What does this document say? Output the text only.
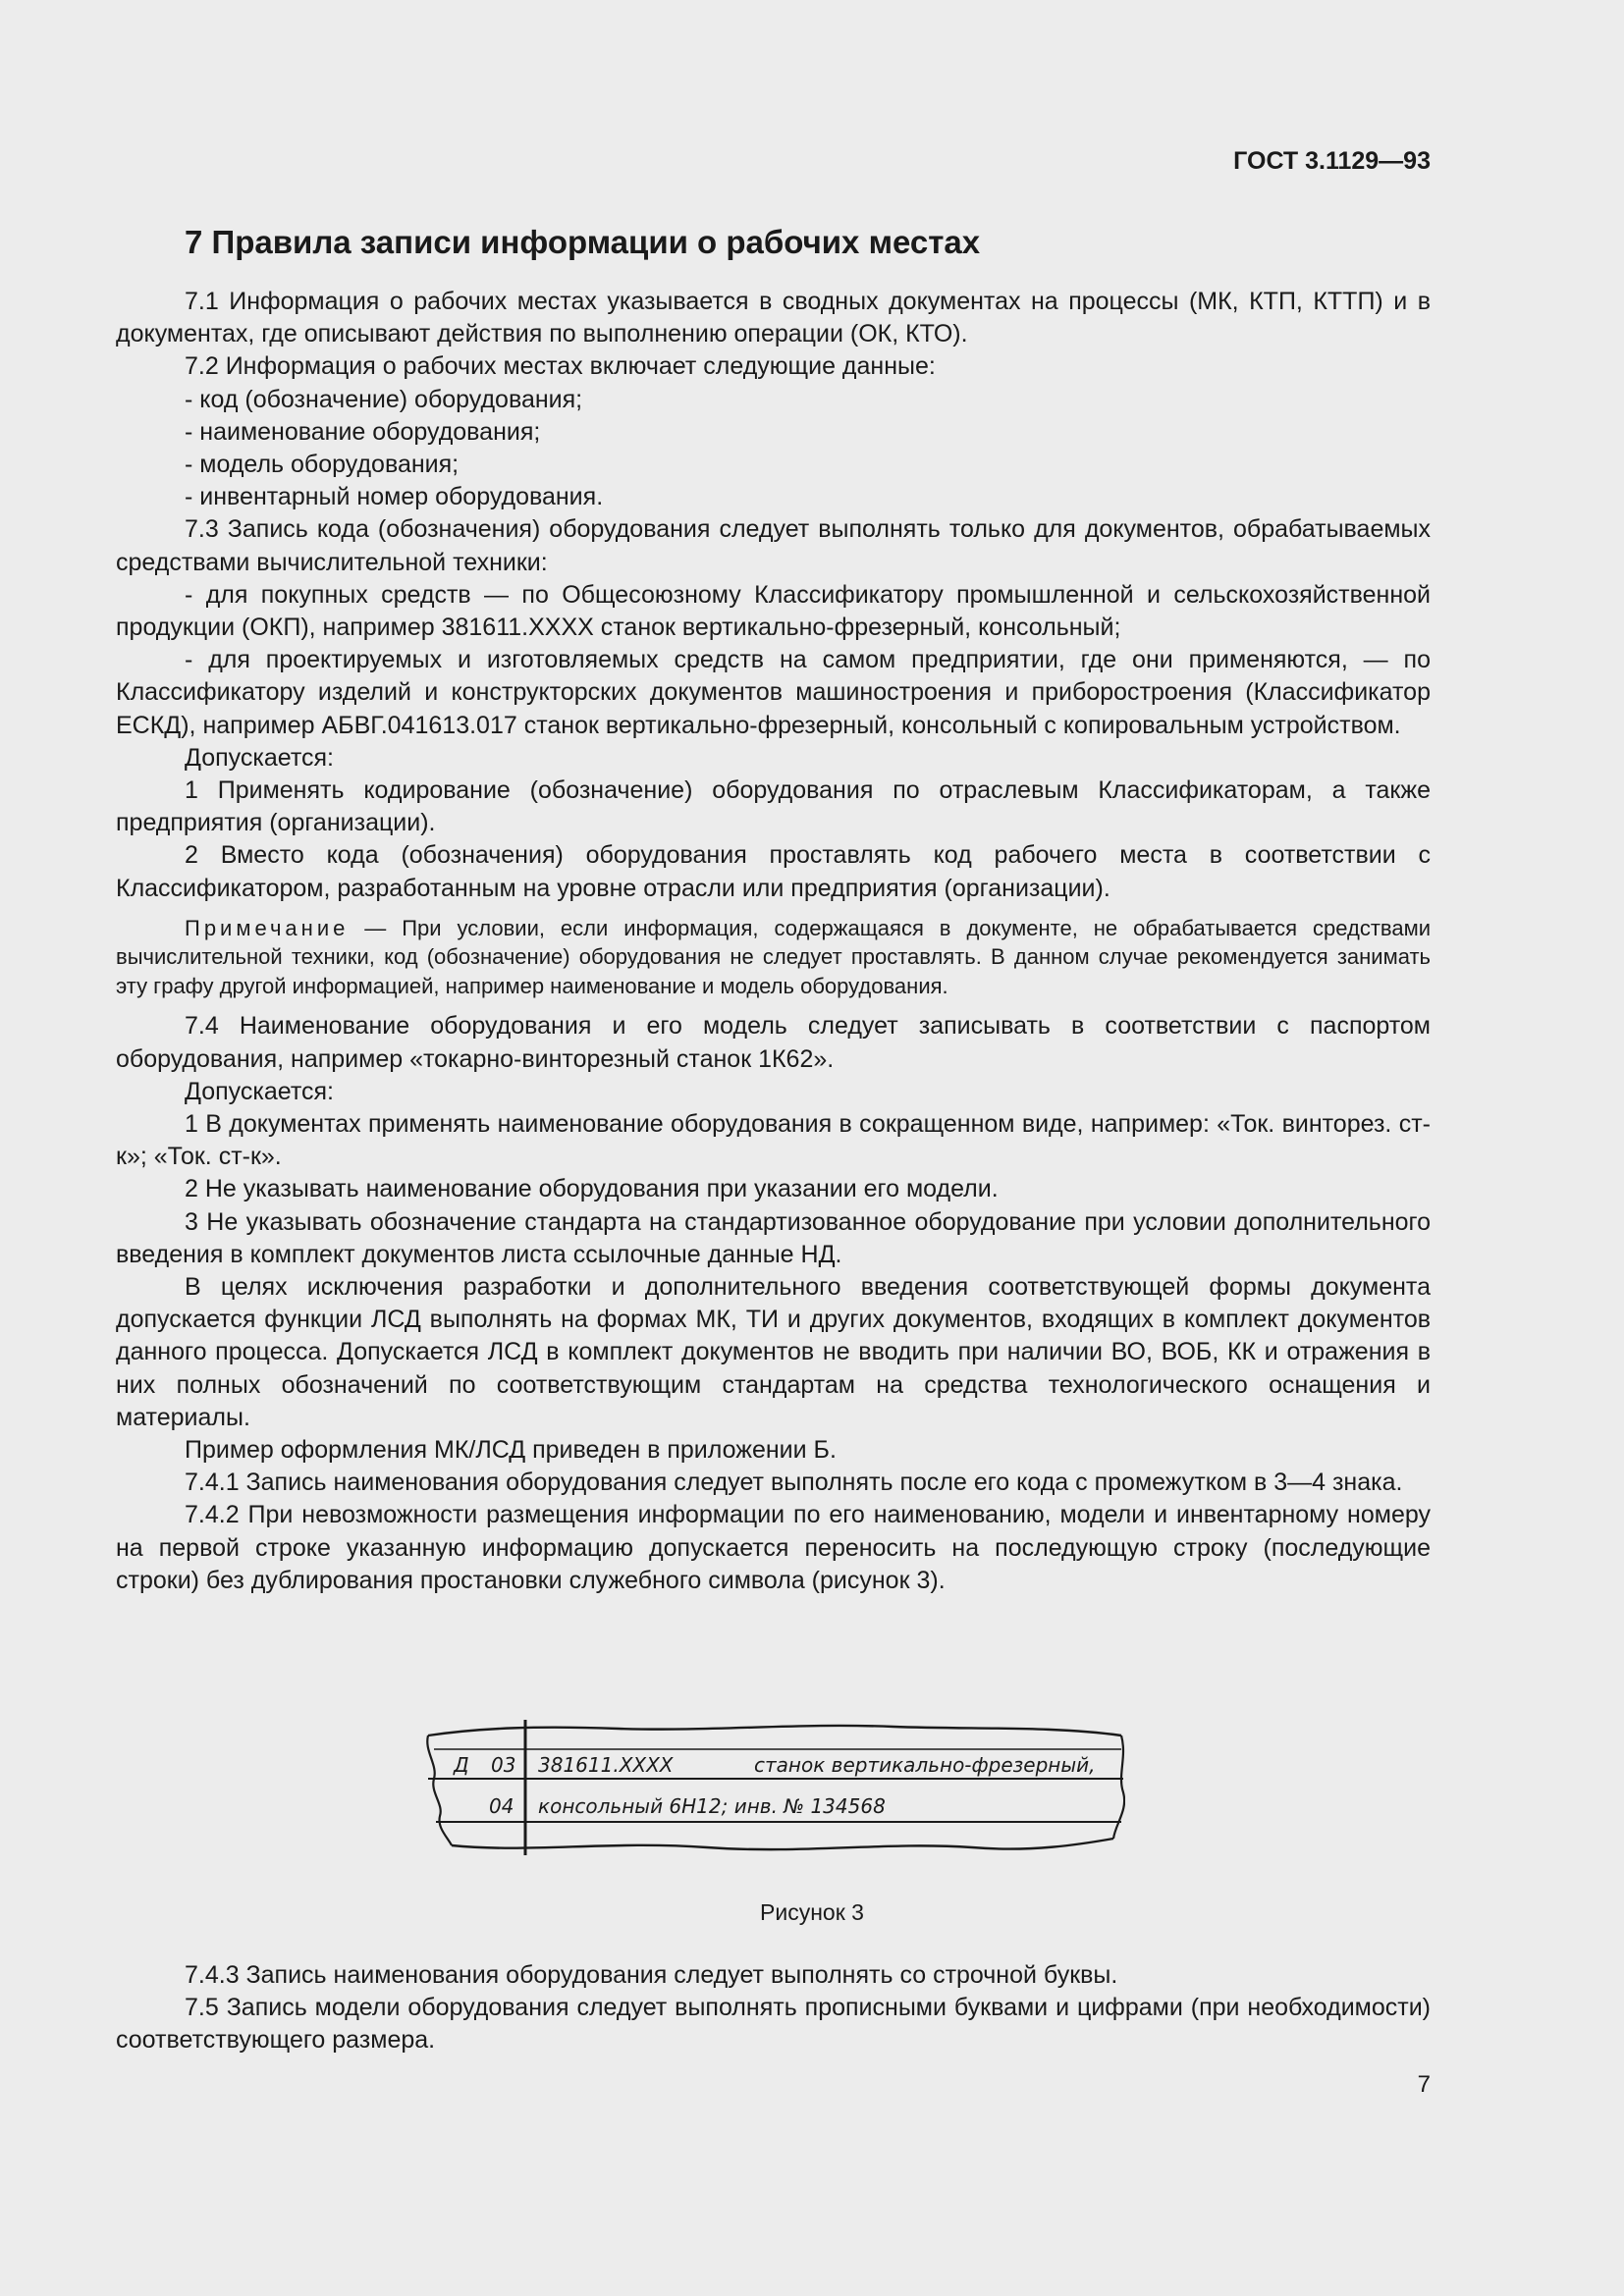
ГОСТ 3.1129—93
7 Правила записи информации о рабочих местах

7.1 Информация о рабочих местах указывается в сводных документах на процессы (МК, КТП, КТТП) и в документах, где описывают действия по выполнению операции (ОК, КТО).

7.2 Информация о рабочих местах включает следующие данные:

- код (обозначение) оборудования;

- наименование оборудования;

- модель оборудования;

- инвентарный номер оборудования.

7.3 Запись кода (обозначения) оборудования следует выполнять только для документов, обрабатываемых средствами вычислительной техники:

- для покупных средств — по Общесоюзному Классификатору промышленной и сельскохозяйственной продукции (ОКП), например 381611.XXXX станок вертикально-фрезерный, консольный;

- для проектируемых и изготовляемых средств на самом предприятии, где они применяются, — по Классификатору изделий и конструкторских документов машиностроения и приборостроения (Классификатор ЕСКД), например АБВГ.041613.017 станок вертикально-фрезерный, консольный с копировальным устройством.

Допускается:

1 Применять кодирование (обозначение) оборудования по отраслевым Классификаторам, а также предприятия (организации).

2 Вместо кода (обозначения) оборудования проставлять код рабочего места в соответствии с Классификатором, разработанным на уровне отрасли или предприятия (организации).

Примечание — При условии, если информация, содержащаяся в документе, не обрабатывается средствами вычислительной техники, код (обозначение) оборудования не следует проставлять. В данном случае рекомендуется занимать эту графу другой информацией, например наименование и модель оборудования.

7.4 Наименование оборудования и его модель следует записывать в соответствии с паспортом оборудования, например «токарно-винторезный станок 1К62».

Допускается:

1 В документах применять наименование оборудования в сокращенном виде, например: «Ток. винторез. ст-к»; «Ток. ст-к».

2 Не указывать наименование оборудования при указании его модели.

3 Не указывать обозначение стандарта на стандартизованное оборудование при условии дополнительного введения в комплект документов листа ссылочные данные НД.

В целях исключения разработки и дополнительного введения соответствующей формы документа допускается функции ЛСД выполнять на формах МК, ТИ и других документов, входящих в комплект документов данного процесса. Допускается ЛСД в комплект документов не вводить при наличии ВО, ВОБ, КК и отражения в них полных обозначений по соответствующим стандартам на средства технологического оснащения и материалы.

Пример оформления МК/ЛСД приведен в приложении Б.

7.4.1 Запись наименования оборудования следует выполнять после его кода с промежутком в 3—4 знака.

7.4.2 При невозможности размещения информации по его наименованию, модели и инвентарному номеру на первой строке указанную информацию допускается переносить на последующую строку (последующие строки) без дублирования простановки служебного символа (рисунок 3).

Д 03 381611.XXXX	станок вертикально-фрезерный,
04 консольный 6Н12; инв. № 134568
Рисунок 3

7.4.3 Запись наименования оборудования следует выполнять со строчной буквы.

7.5 Запись модели оборудования следует выполнять прописными буквами и цифрами (при необходимости) соответствующего размера.

7
